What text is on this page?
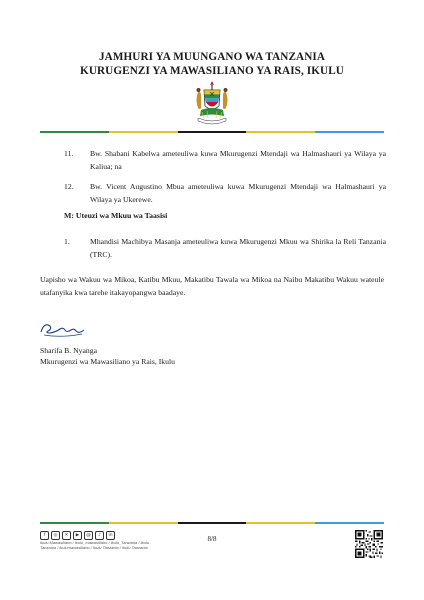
JAMHURI YA MUUNGANO WA TANZANIA
KURUGENZI YA MAWASILIANO YA RAIS, IKULU
11. Bw. Shabani Kabelwa ameteuliwa kuwa Mkurugenzi Mtendaji wa Halmashauri ya Wilaya ya Kaliua; na
12. Bw. Vicent Augustino Mbua ameteuliwa kuwa Mkurugenzi Mtendaji wa Halmashauri ya Wilaya ya Ukerewe.
M: Uteuzi wa Mkuu wa Taasisi
1.	Mhandisi Machibya Masanja ameteuliwa kuwa Mkurugenzi Mkuu wa Shirika la Reli Tanzania (TRC).
Uapisho wa Wakuu wa Mikoa, Katibu Mkuu, Makatibu Tawala wa Mikoa na Naibu Makatibu Wakuu wateule utafanyika kwa tarehe itakayopangwa baadaye.
Sharifa B. Nyanga
Mkurugenzi wa Mawasiliano ya Rais, Ikulu
f	◎	✕	▶	@	♪	in
Ikulu Mawasiliano / ikulu_mawasiliano / ikulu_Tanzania / Ikulu Tanzania / ikulumawasiliano / Ikulu Tanzania / Ikulu Tanzania
8/8
